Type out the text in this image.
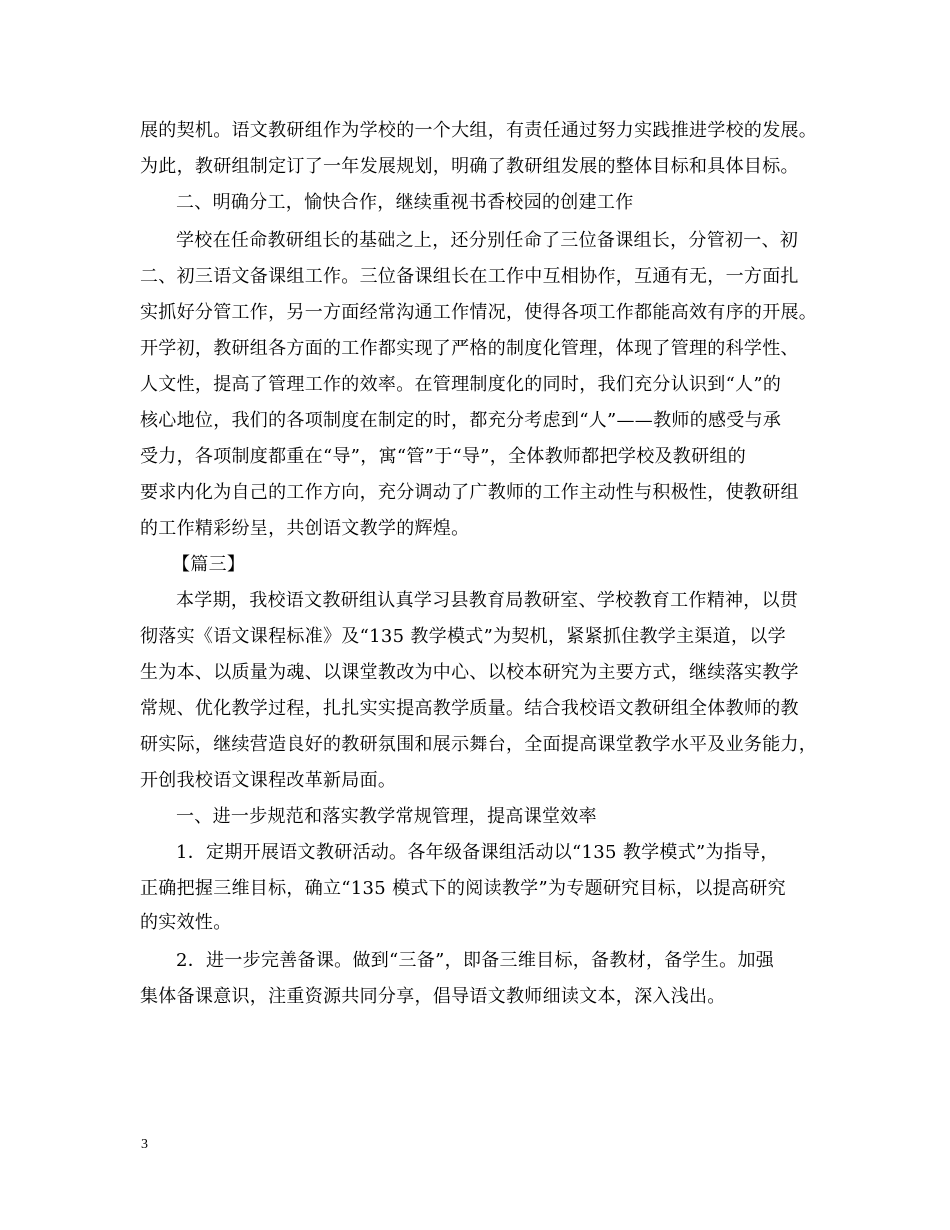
展的契机。语文教研组作为学校的一个大组，有责任通过努力实践推进学校的发展。
为此，教研组制定订了一年发展规划，明确了教研组发展的整体目标和具体目标。
二、明确分工，愉快合作，继续重视书香校园的创建工作
学校在任命教研组长的基础之上，还分别任命了三位备课组长，分管初一、初
二、初三语文备课组工作。三位备课组长在工作中互相协作，互通有无，一方面扎
实抓好分管工作，另一方面经常沟通工作情况，使得各项工作都能高效有序的开展。
开学初，教研组各方面的工作都实现了严格的制度化管理，体现了管理的科学性、
人文性，提高了管理工作的效率。在管理制度化的同时，我们充分认识到“人”的
核心地位，我们的各项制度在制定的时，都充分考虑到“人”——教师的感受与承
受力，各项制度都重在“导”，寓“管”于“导”，全体教师都把学校及教研组的
要求内化为自己的工作方向，充分调动了广教师的工作主动性与积极性，使教研组
的工作精彩纷呈，共创语文教学的辉煌。
【篇三】
本学期，我校语文教研组认真学习县教育局教研室、学校教育工作精神，以贯
彻落实《语文课程标准》及“135 教学模式”为契机，紧紧抓住教学主渠道，以学
生为本、以质量为魂、以课堂教改为中心、以校本研究为主要方式，继续落实教学
常规、优化教学过程，扎扎实实提高教学质量。结合我校语文教研组全体教师的教
研实际，继续营造良好的教研氛围和展示舞台，全面提高课堂教学水平及业务能力，
开创我校语文课程改革新局面。
一、进一步规范和落实教学常规管理，提高课堂效率
1．定期开展语文教研活动。各年级备课组活动以“135 教学模式”为指导，
正确把握三维目标，确立“135 模式下的阅读教学”为专题研究目标，以提高研究
的实效性。
2．进一步完善备课。做到“三备”，即备三维目标，备教材，备学生。加强
集体备课意识，注重资源共同分享，倡导语文教师细读文本，深入浅出。
3
